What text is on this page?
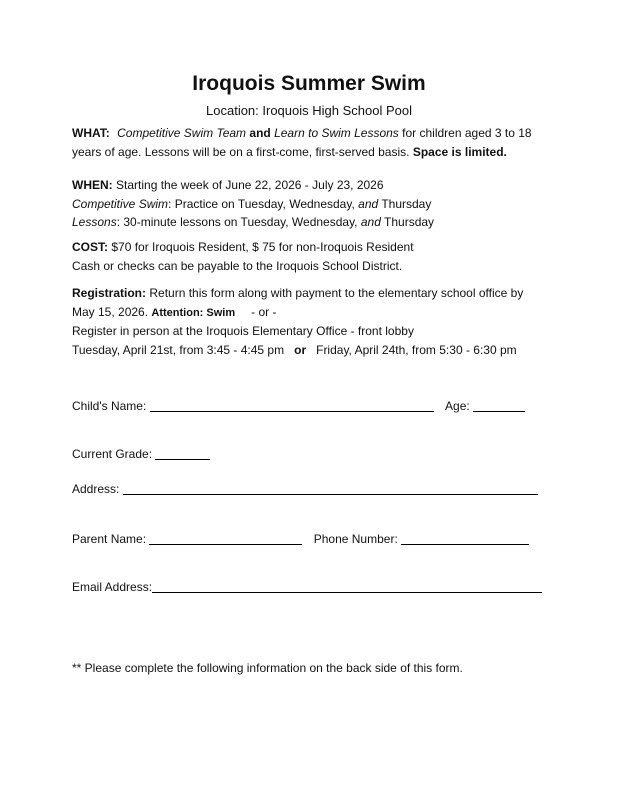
Iroquois Summer Swim
Location: Iroquois High School Pool
WHAT: Competitive Swim Team and Learn to Swim Lessons for children aged 3 to 18
years of age. Lessons will be on a first-come, first-served basis. Space is limited.
WHEN: Starting the week of June 22, 2026 - July 23, 2026
Competitive Swim: Practice on Tuesday, Wednesday, and Thursday
Lessons: 30-minute lessons on Tuesday, Wednesday, and Thursday
COST: $70 for Iroquois Resident, $ 75 for non-Iroquois Resident
Cash or checks can be payable to the Iroquois School District.
Registration: Return this form along with payment to the elementary school office by
May 15, 2026. Attention: Swim - or -
Register in person at the Iroquois Elementary Office - front lobby
Tuesday, April 21st, from 3:45 - 4:45 pm or Friday, April 24th, from 5:30 - 6:30 pm
Child's Name:	Age:
Current Grade:
Address:
Parent Name:	Phone Number:
Email Address:
** Please complete the following information on the back side of this form.
